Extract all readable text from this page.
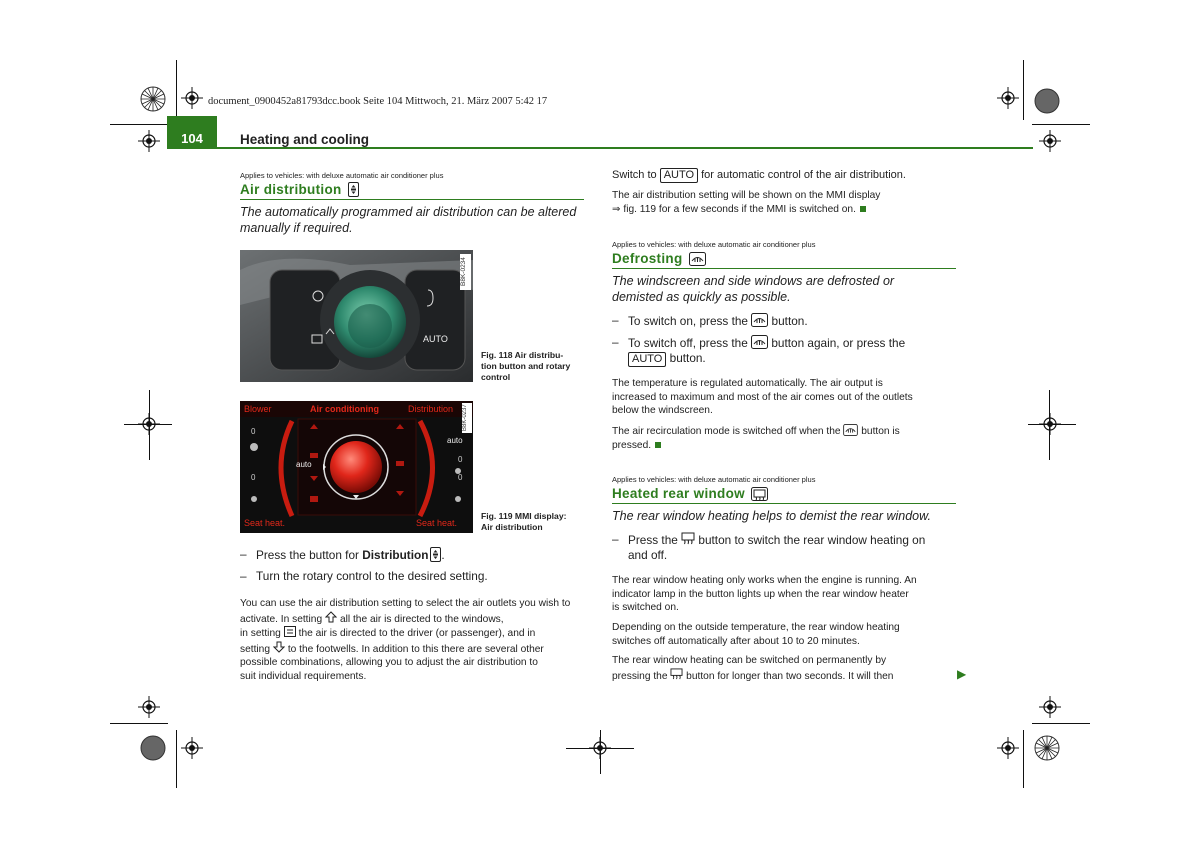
document_0900452a81793dcc.book Seite 104 Mittwoch, 21. März 2007 5:42 17
104	Heating and cooling
Applies to vehicles: with deluxe automatic air conditioner plus
Air distribution
The automatically programmed air distribution can be altered manually if required.
AUTO
B8K-0234
Fig. 118 Air distribu-
tion button and rotary
control
Blower	Air conditioning	Distribution
auto
auto
0
0
0	0
Seat heat.	Seat heat.
B8K-0237
Fig. 119 MMI display:
Air distribution
– Press the button for Distribution .
– Turn the rotary control to the desired setting.
You can use the air distribution setting to select the air outlets you wish to activate. In setting all the air is directed to the windows,
in setting the air is directed to the driver (or passenger), and in
setting to the footwells. In addition to this there are several other
possible combinations, allowing you to adjust the air distribution to
suit individual requirements.
Switch to AUTO for automatic control of the air distribution.
The air distribution setting will be shown on the MMI display
⇒ fig. 119 for a few seconds if the MMI is switched on.
Applies to vehicles: with deluxe automatic air conditioner plus
Defrosting
The windscreen and side windows are defrosted or
demisted as quickly as possible.
– To switch on, press the  button.
– To switch off, press the  button again, or press the
AUTO button.
The temperature is regulated automatically. The air output is
increased to maximum and most of the air comes out of the outlets
below the windscreen.
The air recirculation mode is switched off when the  button is
pressed.
Applies to vehicles: with deluxe automatic air conditioner plus
Heated rear window
The rear window heating helps to demist the rear window.
– Press the  button to switch the rear window heating on
and off.
The rear window heating only works when the engine is running. An
indicator lamp in the button lights up when the rear window heater
is switched on.
Depending on the outside temperature, the rear window heating
switches off automatically after about 10 to 20 minutes.
The rear window heating can be switched on permanently by
pressing the  button for longer than two seconds. It will then	▶
